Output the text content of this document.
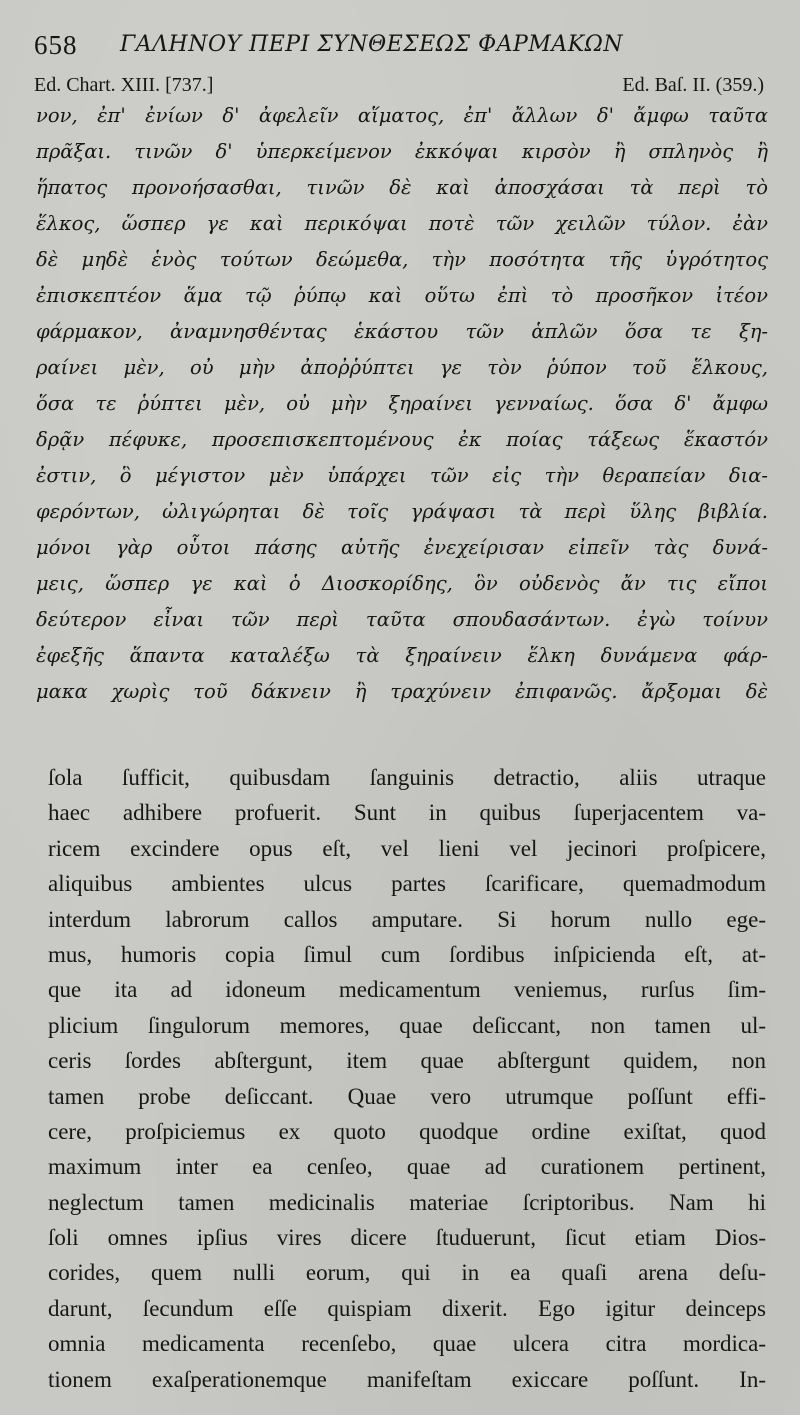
658 ΓΑΛΗΝΟΥ ΠΕΡΙ ΣΥΝΘΕΣΕΩΣ ΦΑΡΜΑΚΩΝ
Ed. Chart. XIII. [737.]	Ed. Baſ. II. (359.)
νον, ἐπ' ἐνίων δ' ἀφελεῖν αἵματος, ἐπ' ἄλλων δ' ἄμφω ταῦτα
πρᾶξαι. τινῶν δ' ὑπερκείμενον ἐκκόψαι κιρσὸν ἢ σπληνὸς ἢ
ἥπατος προνοήσασθαι, τινῶν δὲ καὶ ἀποσχάσαι τὰ περὶ τὸ
ἕλκος, ὥσπερ γε καὶ περικόψαι ποτὲ τῶν χειλῶν τύλον. ἐὰν
δὲ μηδὲ ἑνὸς τούτων δεώμεθα, τὴν ποσότητα τῆς ὑγρότητος
ἐπισκεπτέον ἅμα τῷ ῥύπῳ καὶ οὕτω ἐπὶ τὸ προσῆκον ἰτέον
φάρμακον, ἀναμνησθέντας ἑκάστου τῶν ἁπλῶν ὅσα τε ξη-
ραίνει μὲν, οὐ μὴν ἀποῤῥύπτει γε τὸν ῥύπον τοῦ ἕλκους,
ὅσα τε ῥύπτει μὲν, οὐ μὴν ξηραίνει γενναίως. ὅσα δ' ἄμφω
δρᾷν πέφυκε, προσεπισκεπτομένους ἐκ ποίας τάξεως ἕκαστόν
ἐστιν, ὃ μέγιστον μὲν ὑπάρχει τῶν εἰς τὴν θεραπείαν δια-
φερόντων, ὠλιγώρηται δὲ τοῖς γράψασι τὰ περὶ ὕλης βιβλία.
μόνοι γὰρ οὗτοι πάσης αὐτῆς ἐνεχείρισαν εἰπεῖν τὰς δυνά-
μεις, ὥσπερ γε καὶ ὁ Διοσκορίδης, ὃν οὐδενὸς ἄν τις εἴποι
δεύτερον εἶναι τῶν περὶ ταῦτα σπουδασάντων. ἐγὼ τοίνυν
ἐφεξῆς ἅπαντα καταλέξω τὰ ξηραίνειν ἕλκη δυνάμενα φάρ-
μακα χωρὶς τοῦ δάκνειν ἢ τραχύνειν ἐπιφανῶς. ἄρξομαι δὲ
ſola ſufficit, quibusdam ſanguinis detractio, aliis utraque
haec adhibere profuerit. Sunt in quibus ſuperjacentem va-
ricem excindere opus eſt, vel lieni vel jecinori proſpicere,
aliquibus ambientes ulcus partes ſcarificare, quemadmodum
interdum labrorum callos amputare. Si horum nullo ege-
mus, humoris copia ſimul cum ſordibus inſpicienda eſt, at-
que ita ad idoneum medicamentum veniemus, rurſus ſim-
plicium ſingulorum memores, quae deſiccant, non tamen ul-
ceris ſordes abſtergunt, item quae abſtergunt quidem, non
tamen probe deſiccant. Quae vero utrumque poſſunt effi-
cere, proſpiciemus ex quoto quodque ordine exiſtat, quod
maximum inter ea cenſeo, quae ad curationem pertinent,
neglectum tamen medicinalis materiae ſcriptoribus. Nam hi
ſoli omnes ipſius vires dicere ſtuduerunt, ſicut etiam Dios-
corides, quem nulli eorum, qui in ea quaſi arena deſu-
darunt, ſecundum eſſe quispiam dixerit. Ego igitur deinceps
omnia medicamenta recenſebo, quae ulcera citra mordica-
tionem exaſperationemque manifeſtam exiccare poſſunt. In-
